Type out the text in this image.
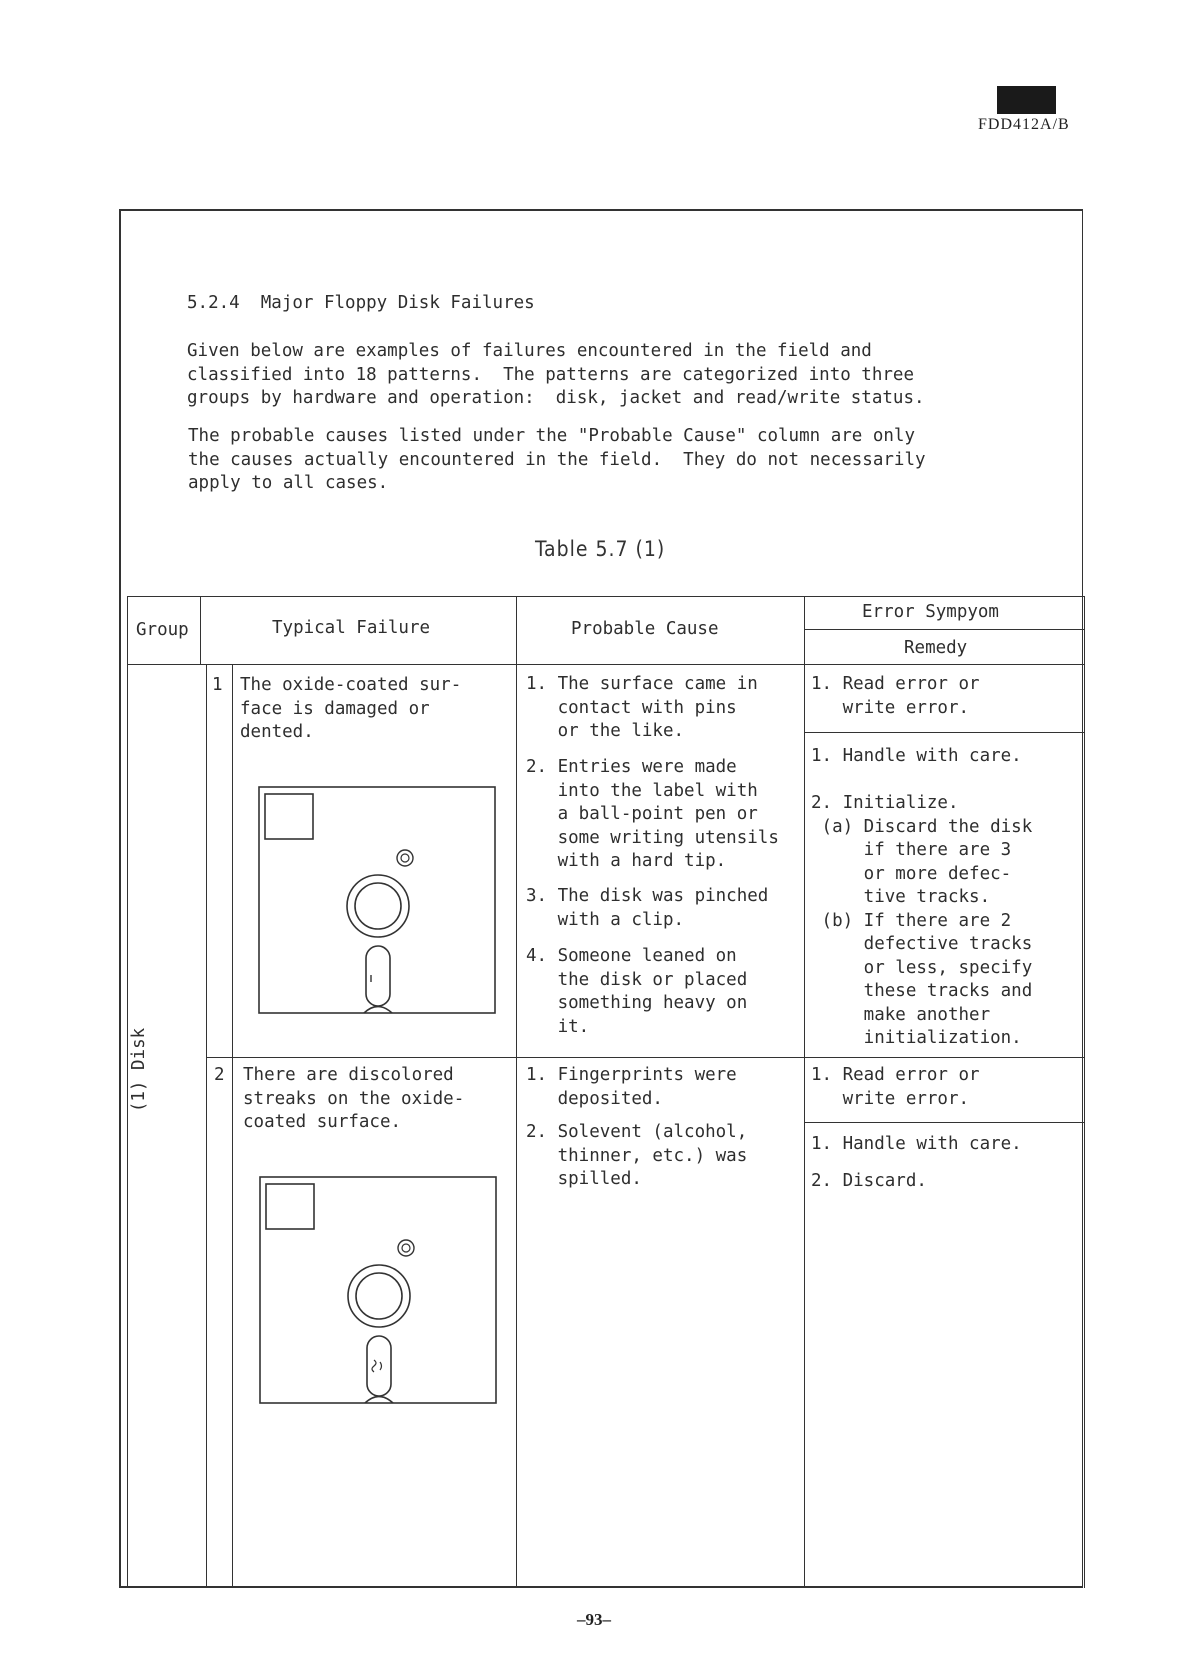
FDD412A/B
5.2.4  Major Floppy Disk Failures
Given below are examples of failures encountered in the field and
classified into 18 patterns.  The patterns are categorized into three
groups by hardware and operation:  disk, jacket and read/write status.
The probable causes listed under the "Probable Cause" column are only
the causes actually encountered in the field.  They do not necessarily
apply to all cases.
Table 5.7 (1)
Group	Typical Failure	Probable Cause
Error Sympyom
Remedy
(1) Disk
1 The oxide-coated sur-
face is damaged or
dented.
1. The surface came in
contact with pins
or the like.
2. Entries were made
into the label with
a ball-point pen or
some writing utensils
with a hard tip.
3. The disk was pinched
with a clip.
4. Someone leaned on
the disk or placed
something heavy on
it.
1. Read error or
write error.
1. Handle with care.

2. Initialize.
(a) Discard the disk
if there are 3
or more defec-
tive tracks.
(b) If there are 2
defective tracks
or less, specify
these tracks and
make another
initialization.
2 There are discolored
streaks on the oxide-
coated surface.
1. Fingerprints were
deposited.
2. Solevent (alcohol,
thinner, etc.) was
spilled.
1. Read error or
write error.
1. Handle with care.
2. Discard.
–93–
